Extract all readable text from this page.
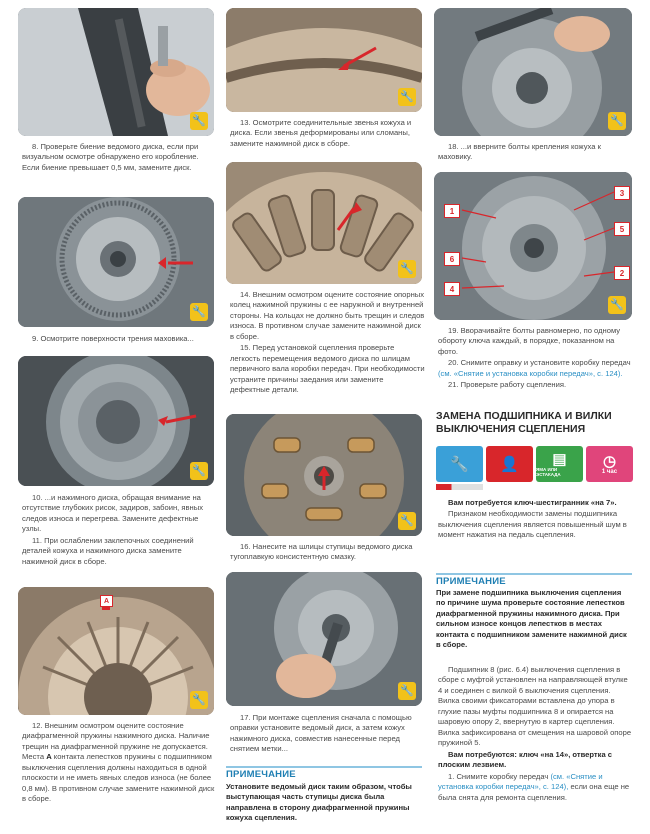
🔧

8. Проверьте биение ведомого диска, если при визуальном осмотре обнаружено его коробление. Если биение превышает 0,5 мм, замените диск.

🔧

9. Осмотрите поверхности трения маховика...

🔧

10. ...и нажимного диска, обращая внимание на отсутствие глубоких рисок, задиров, забоин, явных следов износа и перегрева. Замените дефектные узлы.

11. При ослаблении заклепочных соединений деталей кожуха и нажимного диска замените нажимной диск в сборе.

А
🔧

12. Внешним осмотром оцените состояние диафрагменной пружины нажимного диска. Наличие трещин на диафрагменной пружине не допускается. Места А контакта лепестков пружины с подшипником выключения сцепления должны находиться в одной плоскости и не иметь явных следов износа (не более 0,8 мм). В противном случае замените нажимной диск в сборе.

🔧

13. Осмотрите соединительные звенья кожуха и диска. Если звенья деформированы или сломаны, замените нажимной диск в сборе.

🔧

14. Внешним осмотром оцените состояние опорных колец нажимной пружины с ее наружной и внутренней стороны. На кольцах не должно быть трещин и следов износа. В противном случае замените нажимной диск в сборе.

15. Перед установкой сцепления проверьте легкость перемещения ведомого диска по шлицам первичного вала коробки передач. При необходимости устраните причины заедания или замените дефектные детали.

🔧

16. Нанесите на шлицы ступицы ведомого диска тугоплавкую консистентную смазку.

🔧

17. При монтаже сцепления сначала с помощью оправки установите ведомый диск, а затем кожух нажимного диска, совместив нанесенные перед снятием метки...

ПРИМЕЧАНИЕ
Установите ведомый диск таким образом, чтобы выступающая часть ступицы диска была направлена в сторону диафрагменной пружины кожуха сцепления.
🔧

18. ...и вверните болты крепления кожуха к маховику.

1
6
4
3
5
2
🔧

19. Вворачивайте болты равномерно, по одному обороту ключа каждый, в порядке, показанном на фото.

20. Снимите оправку и установите коробку передач (см. «Снятие и установка коробки передач», с. 124).

21. Проверьте работу сцепления.

ЗАМЕНА ПОДШИПНИКА И ВИЛКИ ВЫКЛЮЧЕНИЯ СЦЕПЛЕНИЯ
🔧 👤 ▤
ЯМА ИЛИ ЭСТАКАДА
◷
1 час

Вам потребуется ключ-шестигранник «на 7».

Признаком необходимости замены подшипника выключения сцепления является повышенный шум в момент нажатия на педаль сцепления.

ПРИМЕЧАНИЕ
При замене подшипника выключения сцепления по причине шума проверьте состояние лепестков диафрагменной пружины нажимного диска. При сильном износе концов лепестков в местах контакта с подшипником замените нажимной диск в сборе.

Подшипник 8 (рис. 6.4) выключения сцепления в сборе с муфтой установлен на направляющей втулке 4 и соединен с вилкой 6 выключения сцепления. Вилка своими фиксаторами вставлена до упора в глухие пазы муфты подшипника 8 и опирается на шаровую опору 2, ввернутую в картер сцепления. Вилка зафиксирована от смещения на шаровой опоре пружиной 5.

Вам потребуются: ключ «на 14», отвертка с плоским лезвием.

1. Снимите коробку передач (см. «Снятие и установка коробки передач», с. 124), если она еще не была снята для ремонта сцепления.
